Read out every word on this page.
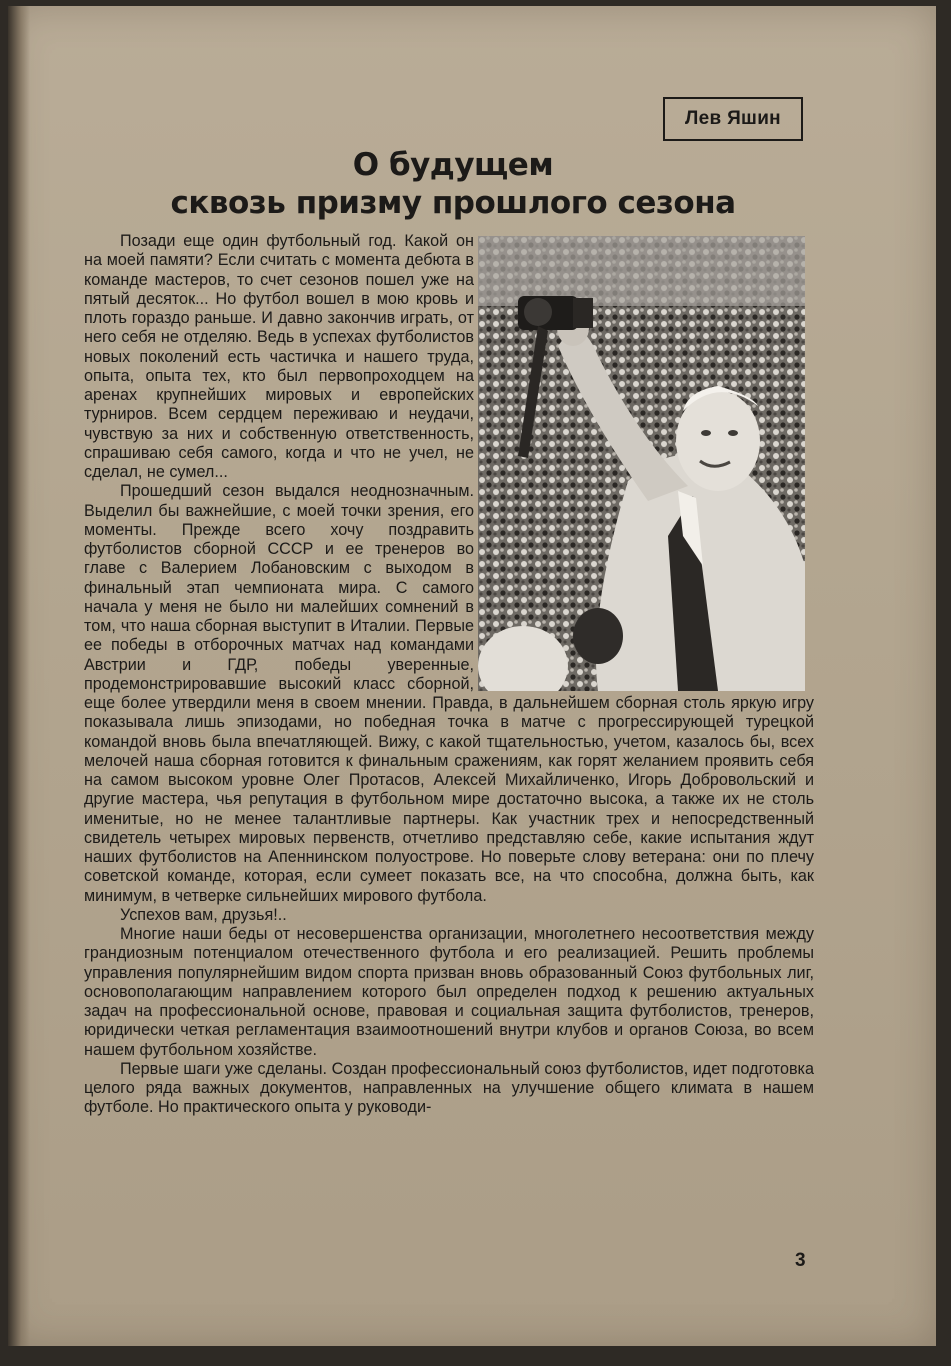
Лев Яшин
О будущем
сквозь призму прошлого сезона

Позади еще один футбольный год. Какой он на моей памяти? Если считать с момента дебюта в команде мастеров, то счет сезонов пошел уже на пятый десяток... Но футбол вошел в мою кровь и плоть гораздо раньше. И давно закончив играть, от него себя не отделяю. Ведь в успехах футболистов новых поколений есть частичка и нашего труда, опыта, опыта тех, кто был первопроходцем на аренах крупнейших мировых и европейских турниров. Всем сердцем переживаю и неудачи, чувствую за них и собственную ответственность, спрашиваю себя самого, когда и что не учел, не сделал, не сумел...

Прошедший сезон выдался неоднозначным. Выделил бы важнейшие, с моей точки зрения, его моменты. Прежде всего хочу поздравить футболистов сборной СССР и ее тренеров во главе с Валерием Лобановским с выходом в финальный этап чемпионата мира. С самого начала у меня не было ни малейших сомнений в том, что наша сборная выступит в Италии. Первые ее победы в отборочных матчах над командами Австрии и ГДР, победы уверенные, продемонстрировавшие высокий класс сборной, еще более утвердили меня в своем мнении. Правда, в дальнейшем сборная столь яркую игру показывала лишь эпизодами, но победная точка в матче с прогрессирующей турецкой командой вновь была впечатляющей. Вижу, с какой тщательностью, учетом, казалось бы, всех мелочей наша сборная готовится к финальным сражениям, как горят желанием проявить себя на самом высоком уровне Олег Протасов, Алексей Михайличенко, Игорь Добровольский и другие мастера, чья репутация в футбольном мире достаточно высока, а также их не столь именитые, но не менее талантливые партнеры. Как участник трех и непосредственный свидетель четырех мировых первенств, отчетливо представляю себе, какие испытания ждут наших футболистов на Апеннинском полуострове. Но поверьте слову ветерана: они по плечу советской команде, которая, если сумеет показать все, на что способна, должна быть, как минимум, в четверке сильнейших мирового футбола.

Успехов вам, друзья!..

Многие наши беды от несовершенства организации, многолетнего несоответствия между грандиозным потенциалом отечественного футбола и его реализацией. Решить проблемы управления популярнейшим видом спорта призван вновь образованный Союз футбольных лиг, основополагающим направлением которого был определен подход к решению актуальных задач на профессиональной основе, правовая и социальная защита футболистов, тренеров, юридически четкая регламентация взаимоотношений внутри клубов и органов Союза, во всем нашем футбольном хозяйстве.

Первые шаги уже сделаны. Создан профессиональный союз футболистов, идет подготовка целого ряда важных документов, направленных на улучшение общего климата в нашем футболе. Но практического опыта у руководи-

3
